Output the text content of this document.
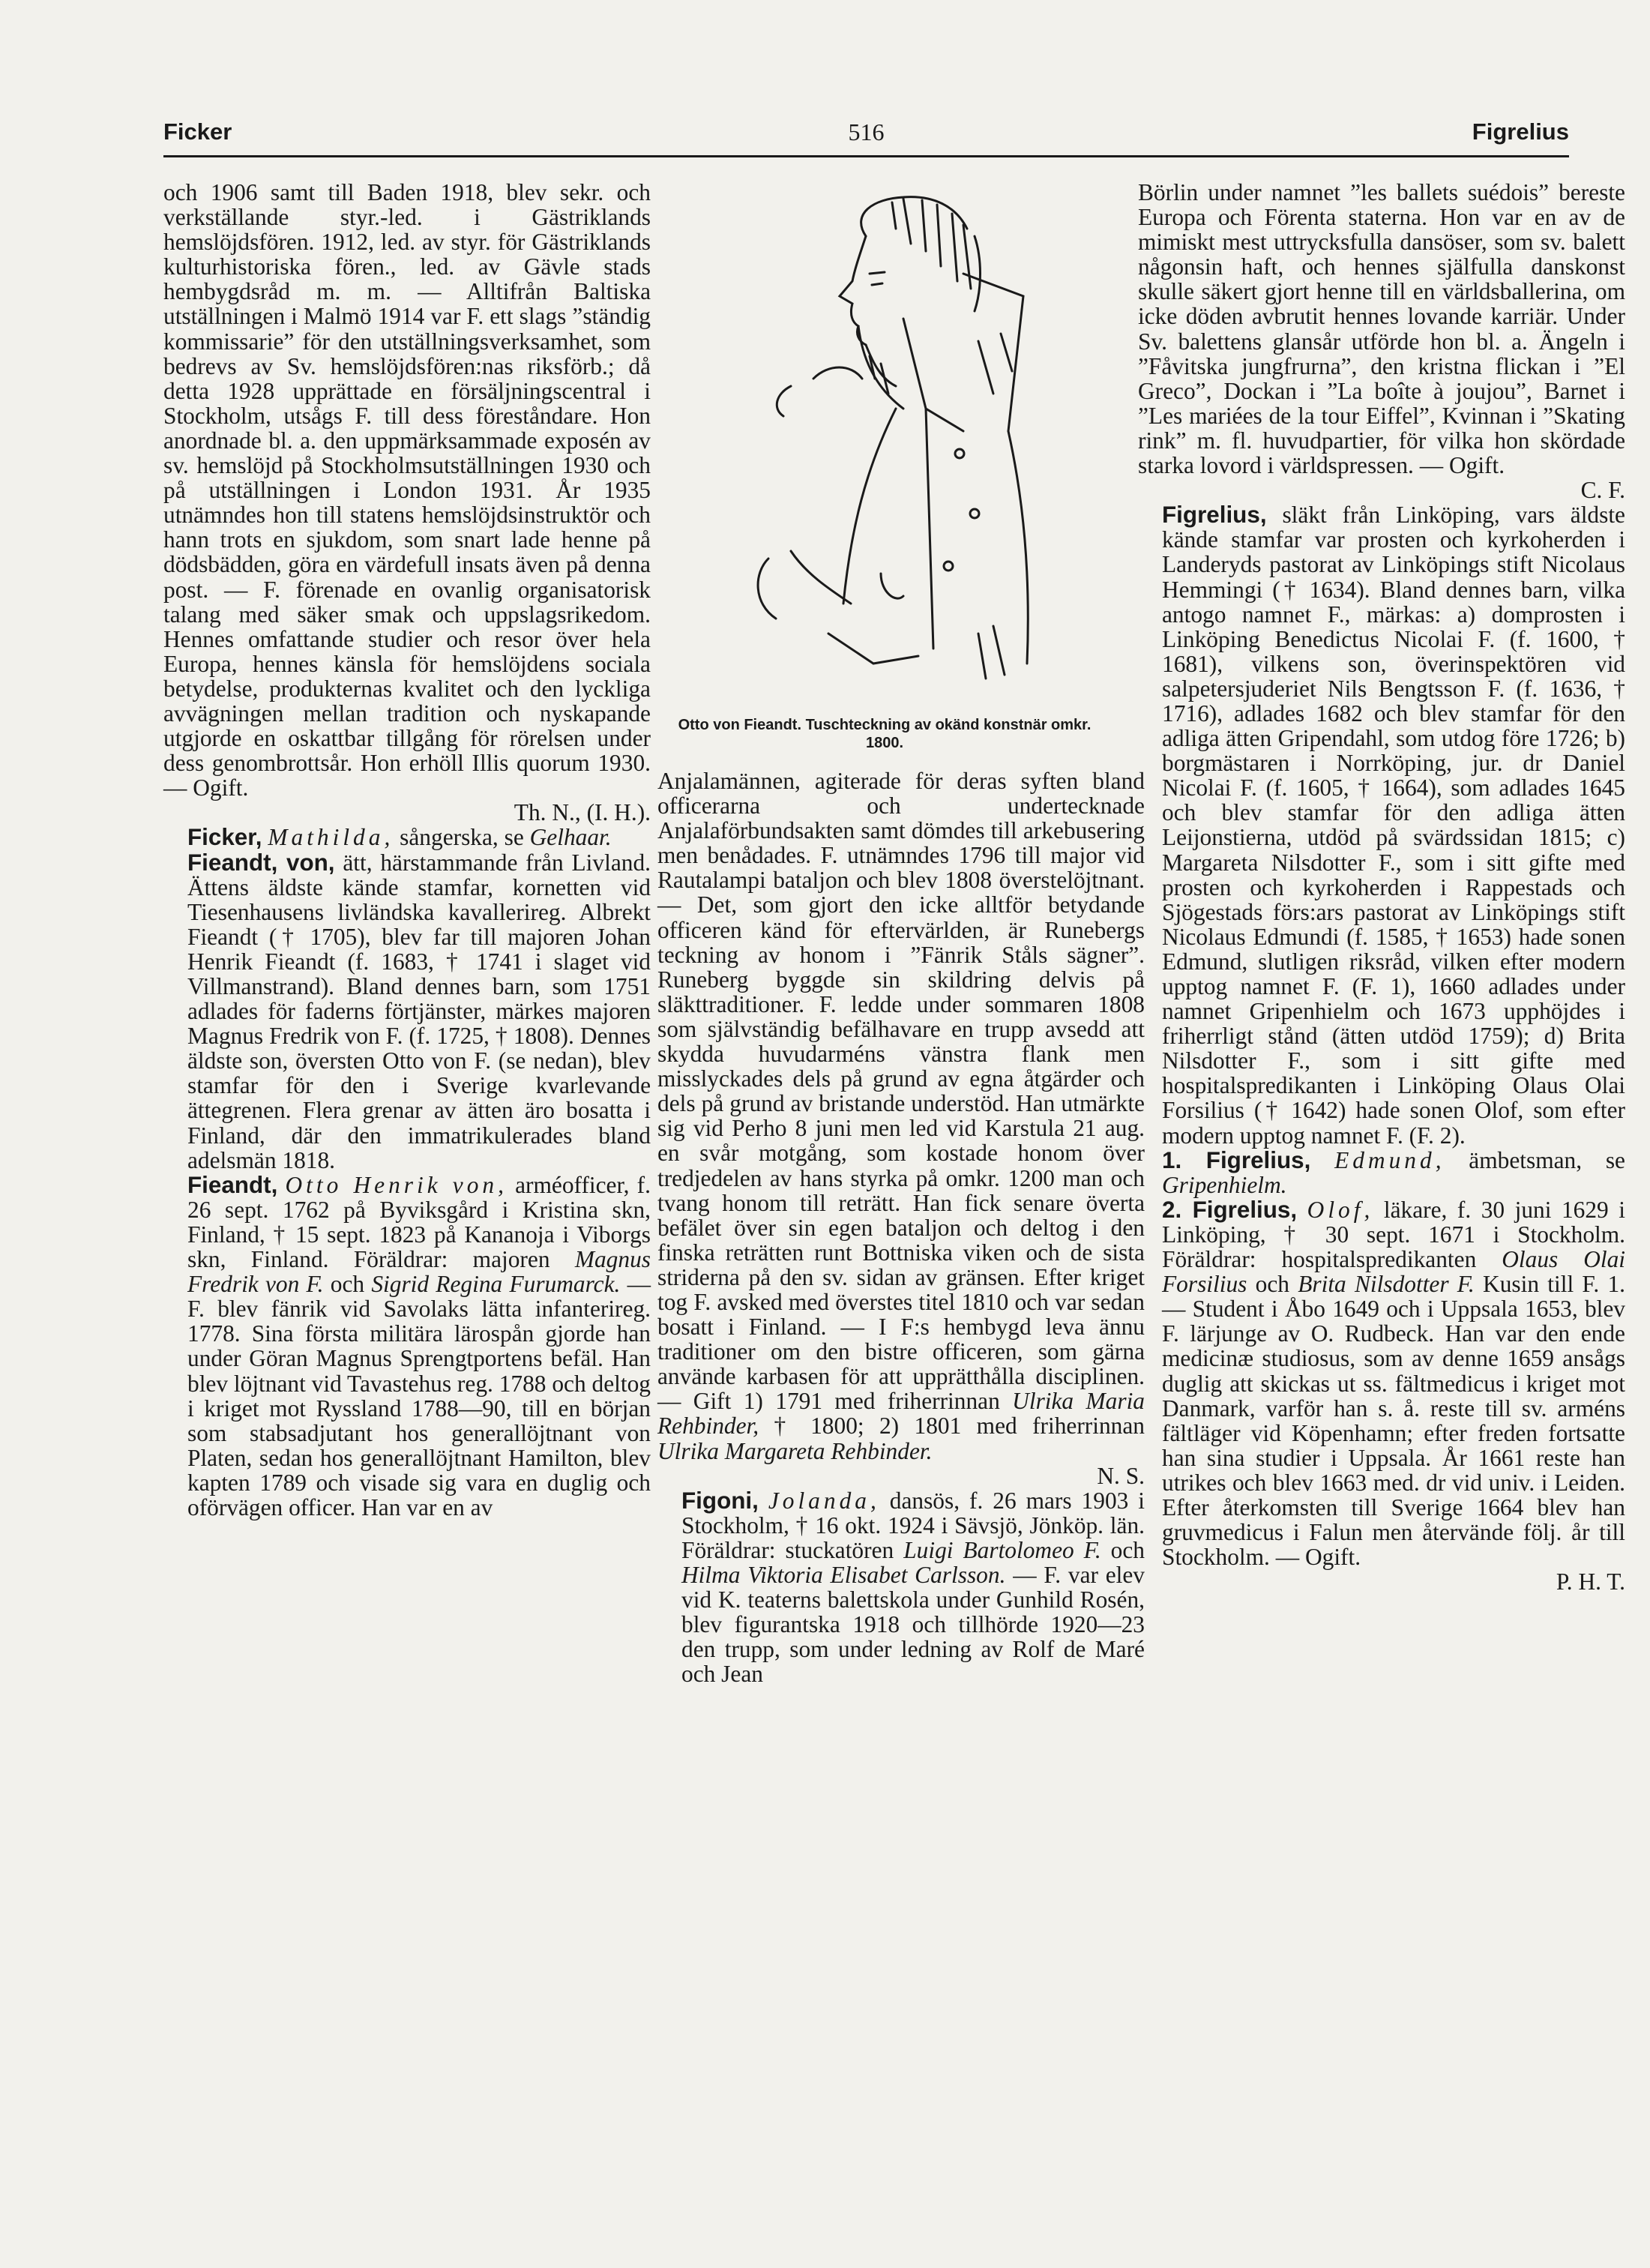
516
Ficker	Figrelius

och 1906 samt till Baden 1918, blev sekr. och verkställande styr.-led. i Gästriklands hemslöjdsfören. 1912, led. av styr. för Gästriklands kulturhistoriska fören., led. av Gävle stads hembygdsråd m. m. — Alltifrån Baltiska utställningen i Malmö 1914 var F. ett slags ”ständig kommissarie” för den utställningsverksamhet, som bedrevs av Sv. hemslöjdsfören:nas riksförb.; då detta 1928 upprättade en försäljningscentral i Stockholm, utsågs F. till dess föreståndare. Hon anordnade bl. a. den uppmärksammade exposén av sv. hemslöjd på Stockholmsutställningen 1930 och på utställningen i London 1931. År 1935 utnämndes hon till statens hemslöjdsinstruktör och hann trots en sjukdom, som snart lade henne på dödsbädden, göra en värdefull insats även på denna post. — F. förenade en ovanlig organisatorisk talang med säker smak och uppslagsrikedom. Hennes omfattande studier och resor över hela Europa, hennes känsla för hemslöjdens sociala betydelse, produkternas kvalitet och den lyckliga avvägningen mellan tradition och nyskapande utgjorde en oskattbar tillgång för rörelsen under dess genombrottsår. Hon erhöll Illis quorum 1930. — Ogift.

Th. N., (I. H.).

Ficker, Mathilda, sångerska, se Gelhaar.

Fieandt, von, ätt, härstammande från Livland. Ättens äldste kände stamfar, kornetten vid Tiesenhausens livländska kavallerireg. Albrekt Fieandt († 1705), blev far till majoren Johan Henrik Fieandt (f. 1683, † 1741 i slaget vid Villmanstrand). Bland dennes barn, som 1751 adlades för faderns förtjänster, märkes majoren Magnus Fredrik von F. (f. 1725, † 1808). Dennes äldste son, översten Otto von F. (se nedan), blev stamfar för den i Sverige kvarlevande ättegrenen. Flera grenar av ätten äro bosatta i Finland, där den immatrikulerades bland adelsmän 1818.

Fieandt, Otto Henrik von, arméofficer, f. 26 sept. 1762 på Byviksgård i Kristina skn, Finland, † 15 sept. 1823 på Kananoja i Viborgs skn, Finland. Föräldrar: majoren Magnus Fredrik von F. och Sigrid Regina Furumarck. — F. blev fänrik vid Savolaks lätta infanterireg. 1778. Sina första militära lärospån gjorde han under Göran Magnus Sprengtportens befäl. Han blev löjtnant vid Tavastehus reg. 1788 och deltog i kriget mot Ryssland 1788—90, till en början som stabsadjutant hos generallöjtnant von Platen, sedan hos generallöjtnant Hamilton, blev kapten 1789 och visade sig vara en duglig och oförvägen officer. Han var en av

Otto von Fieandt. Tuschteckning av okänd konstnär omkr. 1800.

Anjalamännen, agiterade för deras syften bland officerarna och undertecknade Anjalaförbundsakten samt dömdes till arkebusering men benådades. F. utnämndes 1796 till major vid Rautalampi bataljon och blev 1808 överstelöjtnant. — Det, som gjort den icke alltför betydande officeren känd för eftervärlden, är Runebergs teckning av honom i ”Fänrik Ståls sägner”. Runeberg byggde sin skildring delvis på släkttraditioner. F. ledde under sommaren 1808 som självständig befälhavare en trupp avsedd att skydda huvudarméns vänstra flank men misslyckades dels på grund av egna åtgärder och dels på grund av bristande understöd. Han utmärkte sig vid Perho 8 juni men led vid Karstula 21 aug. en svår motgång, som kostade honom över tredjedelen av hans styrka på omkr. 1200 man och tvang honom till reträtt. Han fick senare överta befälet över sin egen bataljon och deltog i den finska reträtten runt Bottniska viken och de sista striderna på den sv. sidan av gränsen. Efter kriget tog F. avsked med överstes titel 1810 och var sedan bosatt i Finland. — I F:s hembygd leva ännu traditioner om den bistre officeren, som gärna använde karbasen för att upprätthålla disciplinen. — Gift 1) 1791 med friherrinnan Ulrika Maria Rehbinder, † 1800; 2) 1801 med friherrinnan Ulrika Margareta Rehbinder.

N. S.

Figoni, Jolanda, dansös, f. 26 mars 1903 i Stockholm, † 16 okt. 1924 i Sävsjö, Jönköp. län. Föräldrar: stuckatören Luigi Bartolomeo F. och Hilma Viktoria Elisabet Carlsson. — F. var elev vid K. teaterns balettskola under Gunhild Rosén, blev figurantska 1918 och tillhörde 1920—23 den trupp, som under ledning av Rolf de Maré och Jean

Börlin under namnet ”les ballets suédois” bereste Europa och Förenta staterna. Hon var en av de mimiskt mest uttrycksfulla dansöser, som sv. balett någonsin haft, och hennes själfulla danskonst skulle säkert gjort henne till en världsballerina, om icke döden avbrutit hennes lovande karriär. Under Sv. balettens glansår utförde hon bl. a. Ängeln i ”Fåvitska jungfrurna”, den kristna flickan i ”El Greco”, Dockan i ”La boîte à joujou”, Barnet i ”Les mariées de la tour Eiffel”, Kvinnan i ”Skating rink” m. fl. huvudpartier, för vilka hon skördade starka lovord i världspressen. — Ogift.

C. F.

Figrelius, släkt från Linköping, vars äldste kände stamfar var prosten och kyrkoherden i Landeryds pastorat av Linköpings stift Nicolaus Hemmingi († 1634). Bland dennes barn, vilka antogo namnet F., märkas: a) domprosten i Linköping Benedictus Nicolai F. (f. 1600, † 1681), vilkens son, överinspektören vid salpetersjuderiet Nils Bengtsson F. (f. 1636, † 1716), adlades 1682 och blev stamfar för den adliga ätten Gripendahl, som utdog före 1726; b) borgmästaren i Norrköping, jur. dr Daniel Nicolai F. (f. 1605, † 1664), som adlades 1645 och blev stamfar för den adliga ätten Leijonstierna, utdöd på svärdssidan 1815; c) Margareta Nilsdotter F., som i sitt gifte med prosten och kyrkoherden i Rappestads och Sjögestads förs:ars pastorat av Linköpings stift Nicolaus Edmundi (f. 1585, † 1653) hade sonen Edmund, slutligen riksråd, vilken efter modern upptog namnet F. (F. 1), 1660 adlades under namnet Gripenhielm och 1673 upphöjdes i friherrligt stånd (ätten utdöd 1759); d) Brita Nilsdotter F., som i sitt gifte med hospitalspredikanten i Linköping Olaus Olai Forsilius († 1642) hade sonen Olof, som efter modern upptog namnet F. (F. 2).

1. Figrelius, Edmund, ämbetsman, se Gripenhielm.

2. Figrelius, Olof, läkare, f. 30 juni 1629 i Linköping, † 30 sept. 1671 i Stockholm. Föräldrar: hospitalspredikanten Olaus Olai Forsilius och Brita Nilsdotter F. Kusin till F. 1. — Student i Åbo 1649 och i Uppsala 1653, blev F. lärjunge av O. Rudbeck. Han var den ende medicinæ studiosus, som av denne 1659 ansågs duglig att skickas ut ss. fältmedicus i kriget mot Danmark, varför han s. å. reste till sv. arméns fältläger vid Köpenhamn; efter freden fortsatte han sina studier i Uppsala. År 1661 reste han utrikes och blev 1663 med. dr vid univ. i Leiden. Efter återkomsten till Sverige 1664 blev han gruvmedicus i Falun men återvände följ. år till Stockholm. — Ogift.

P. H. T.
